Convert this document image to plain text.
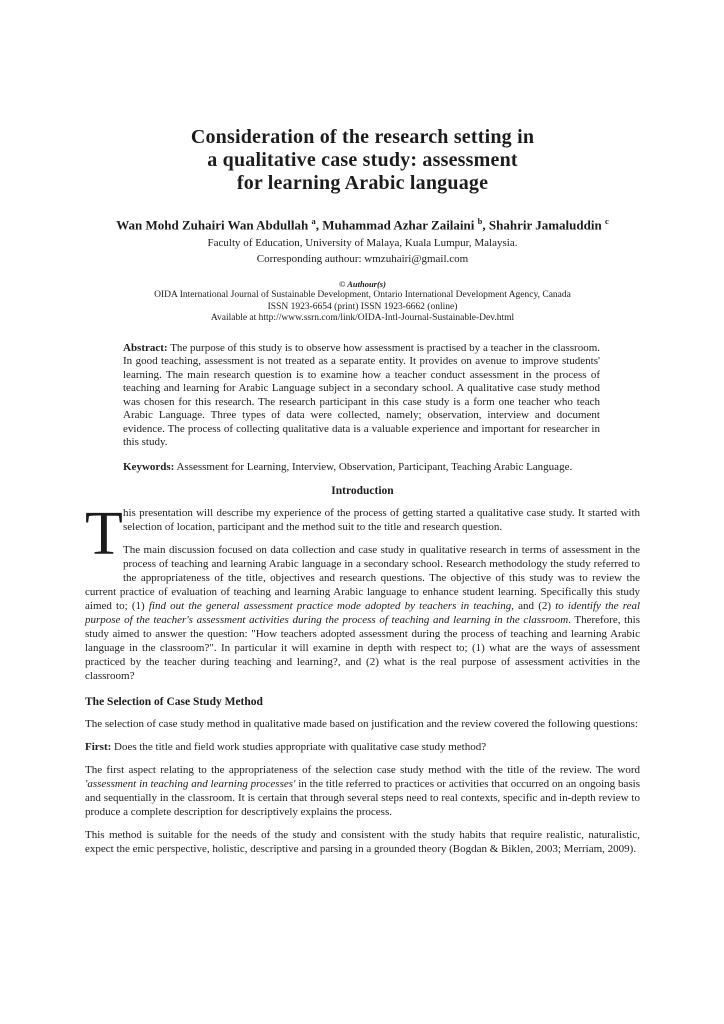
Consideration of the research setting in
a qualitative case study: assessment
for learning Arabic language

Wan Mohd Zuhairi Wan Abdullah $^a$, Muhammad Azhar Zailaini $^b$, Shahrir Jamaluddin $^c$

Faculty of Education, University of Malaya, Kuala Lumpur, Malaysia.

Corresponding authour: wmzuhairi@gmail.com

© Authour(s)

OIDA International Journal of Sustainable Development, Ontario International Development Agency, Canada

ISSN 1923-6654 (print) ISSN 1923-6662 (online)

Available at http://www.ssrn.com/link/OIDA-Intl-Journal-Sustainable-Dev.html

Abstract: The purpose of this study is to observe how assessment is practised by a teacher in the classroom. In good teaching, assessment is not treated as a separate entity. It provides on avenue to improve students' learning. The main research question is to examine how a teacher conduct assessment in the process of teaching and learning for Arabic Language subject in a secondary school. A qualitative case study method was chosen for this research. The research participant in this case study is a form one teacher who teach Arabic Language. Three types of data were collected, namely; observation, interview and document evidence. The process of collecting qualitative data is a valuable experience and important for researcher in this study.

Keywords: Assessment for Learning, Interview, Observation, Participant, Teaching Arabic Language.

Introduction

This presentation will describe my experience of the process of getting started a qualitative case study. It started with selection of location, participant and the method suit to the title and research question.

The main discussion focused on data collection and case study in qualitative research in terms of assessment in the process of teaching and learning Arabic language in a secondary school. Research methodology the study referred to the appropriateness of the title, objectives and research questions. The objective of this study was to review the current practice of evaluation of teaching and learning Arabic language to enhance student learning. Specifically this study aimed to; (1) find out the general assessment practice mode adopted by teachers in teaching, and (2) to identify the real purpose of the teacher's assessment activities during the process of teaching and learning in the classroom. Therefore, this study aimed to answer the question: "How teachers adopted assessment during the process of teaching and learning Arabic language in the classroom?". In particular it will examine in depth with respect to; (1) what are the ways of assessment practiced by the teacher during teaching and learning?, and (2) what is the real purpose of assessment activities in the classroom?

The Selection of Case Study Method

The selection of case study method in qualitative made based on justification and the review covered the following questions:

First: Does the title and field work studies appropriate with qualitative case study method?

The first aspect relating to the appropriateness of the selection case study method with the title of the review. The word 'assessment in teaching and learning processes' in the title referred to practices or activities that occurred on an ongoing basis and sequentially in the classroom. It is certain that through several steps need to real contexts, specific and in-depth review to produce a complete description for descriptively explains the process.

This method is suitable for the needs of the study and consistent with the study habits that require realistic, naturalistic, expect the emic perspective, holistic, descriptive and parsing in a grounded theory (Bogdan & Biklen, 2003; Merriam, 2009).
